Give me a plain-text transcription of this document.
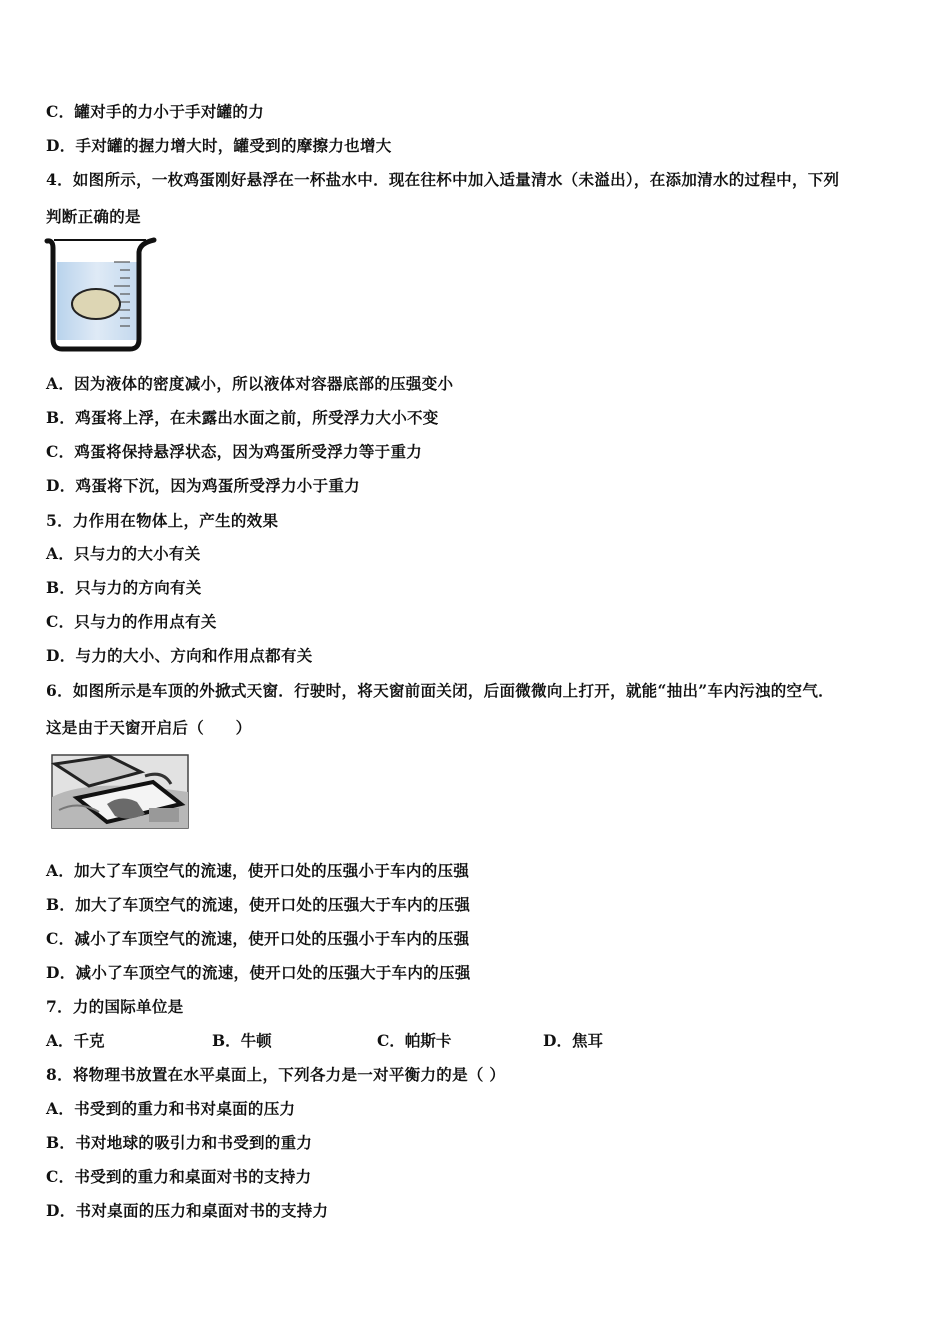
C．罐对手的力小于手对罐的力

D．手对罐的握力增大时，罐受到的摩擦力也增大

4．如图所示，一枚鸡蛋刚好悬浮在一杯盐水中．现在往杯中加入适量清水（未溢出），在添加清水的过程中，下列

判断正确的是

A．因为液体的密度减小，所以液体对容器底部的压强变小

B．鸡蛋将上浮，在未露出水面之前，所受浮力大小不变

C．鸡蛋将保持悬浮状态，因为鸡蛋所受浮力等于重力

D．鸡蛋将下沉，因为鸡蛋所受浮力小于重力

5．力作用在物体上，产生的效果

A．只与力的大小有关

B．只与力的方向有关

C．只与力的作用点有关

D．与力的大小、方向和作用点都有关

6．如图所示是车顶的外掀式天窗．行驶时，将天窗前面关闭，后面微微向上打开，就能“抽出”车内污浊的空气．

这是由于天窗开启后（　　）

A．加大了车顶空气的流速，使开口处的压强小于车内的压强

B．加大了车顶空气的流速，使开口处的压强大于车内的压强

C．减小了车顶空气的流速，使开口处的压强小于车内的压强

D．减小了车顶空气的流速，使开口处的压强大于车内的压强

7．力的国际单位是

A．千克	B．牛顿	C．帕斯卡	D．焦耳

8．将物理书放置在水平桌面上，下列各力是一对平衡力的是（ ）

A．书受到的重力和书对桌面的压力

B．书对地球的吸引力和书受到的重力

C．书受到的重力和桌面对书的支持力

D．书对桌面的压力和桌面对书的支持力
